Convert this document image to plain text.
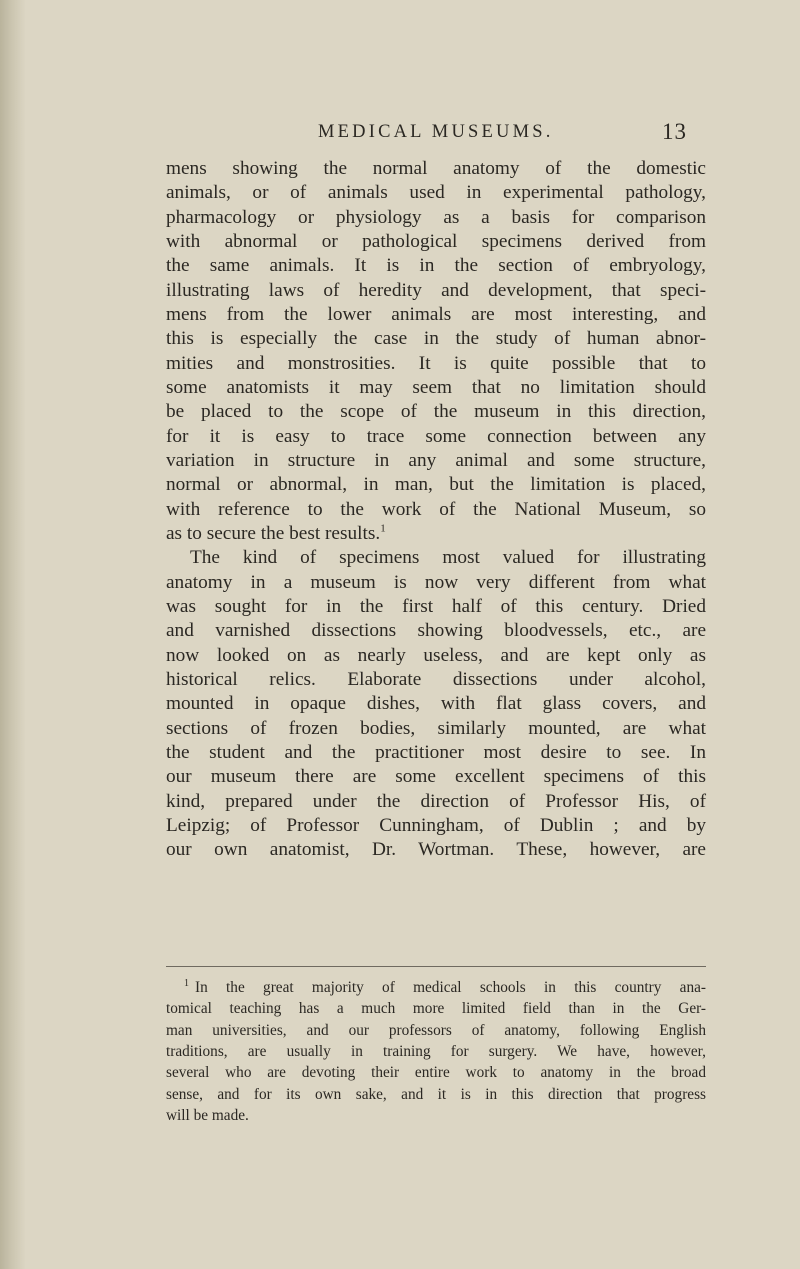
MEDICAL MUSEUMS.	13
mens showing the normal anatomy of the domestic
animals, or of animals used in experimental pathology,
pharmacology or physiology as a basis for comparison
with abnormal or pathological specimens derived from
the same animals. It is in the section of embryology,
illustrating laws of heredity and development, that speci-
mens from the lower animals are most interesting, and
this is especially the case in the study of human abnor-
mities and monstrosities. It is quite possible that to
some anatomists it may seem that no limitation should
be placed to the scope of the museum in this direction,
for it is easy to trace some connection between any
variation in structure in any animal and some structure,
normal or abnormal, in man, but the limitation is placed,
with reference to the work of the National Museum, so
as to secure the best results.$^1$
The kind of specimens most valued for illustrating
anatomy in a museum is now very different from what
was sought for in the first half of this century. Dried
and varnished dissections showing bloodvessels, etc., are
now looked on as nearly useless, and are kept only as
historical relics. Elaborate dissections under alcohol,
mounted in opaque dishes, with flat glass covers, and
sections of frozen bodies, similarly mounted, are what
the student and the practitioner most desire to see. In
our museum there are some excellent specimens of this
kind, prepared under the direction of Professor His, of
Leipzig; of Professor Cunningham, of Dublin ; and by
our own anatomist, Dr. Wortman. These, however, are
$^1$ In the great majority of medical schools in this country ana-
tomical teaching has a much more limited field than in the Ger-
man universities, and our professors of anatomy, following English
traditions, are usually in training for surgery. We have, however,
several who are devoting their entire work to anatomy in the broad
sense, and for its own sake, and it is in this direction that progress
will be made.
